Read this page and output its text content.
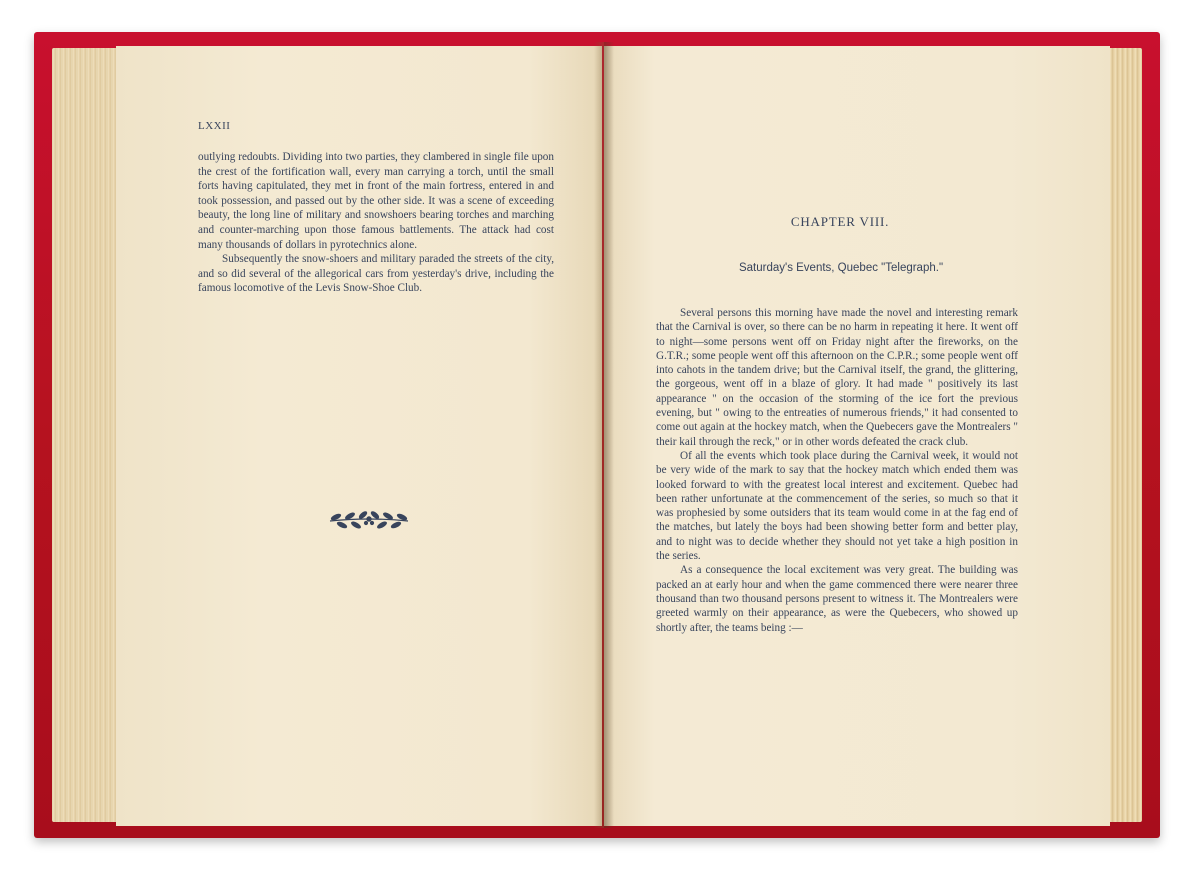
LXXII

outlying redoubts. Dividing into two parties, they clambered in single file upon the crest of the fortification wall, every man carrying a torch, until the small forts having capitulated, they met in front of the main fortress, entered in and took possession, and passed out by the other side. It was a scene of exceeding beauty, the long line of military and snowshoers bearing torches and marching and counter-marching upon those famous battlements. The attack had cost many thousands of dollars in pyrotechnics alone.

Subsequently the snow-shoers and military paraded the streets of the city, and so did several of the allegorical cars from yesterday's drive, including the famous locomotive of the Levis Snow-Shoe Club.

CHAPTER VIII.
Saturday's Events, Quebec "Telegraph."

Several persons this morning have made the novel and interesting remark that the Carnival is over, so there can be no harm in repeating it here. It went off to night—some persons went off on Friday night after the fireworks, on the G.T.R.; some people went off this afternoon on the C.P.R.; some people went off into cahots in the tandem drive; but the Carnival itself, the grand, the glittering, the gorgeous, went off in a blaze of glory. It had made " positively its last appearance " on the occasion of the storming of the ice fort the previous evening, but " owing to the entreaties of numerous friends," it had consented to come out again at the hockey match, when the Quebecers gave the Montrealers " their kail through the reck," or in other words defeated the crack club.

Of all the events which took place during the Carnival week, it would not be very wide of the mark to say that the hockey match which ended them was looked forward to with the greatest local interest and excitement. Quebec had been rather unfortunate at the commencement of the series, so much so that it was prophesied by some outsiders that its team would come in at the fag end of the matches, but lately the boys had been showing better form and better play, and to night was to decide whether they should not yet take a high position in the series.

As a consequence the local excitement was very great. The building was packed an at early hour and when the game commenced there were nearer three thousand than two thousand persons present to witness it. The Montrealers were greeted warmly on their appearance, as were the Quebecers, who showed up shortly after, the teams being :—
